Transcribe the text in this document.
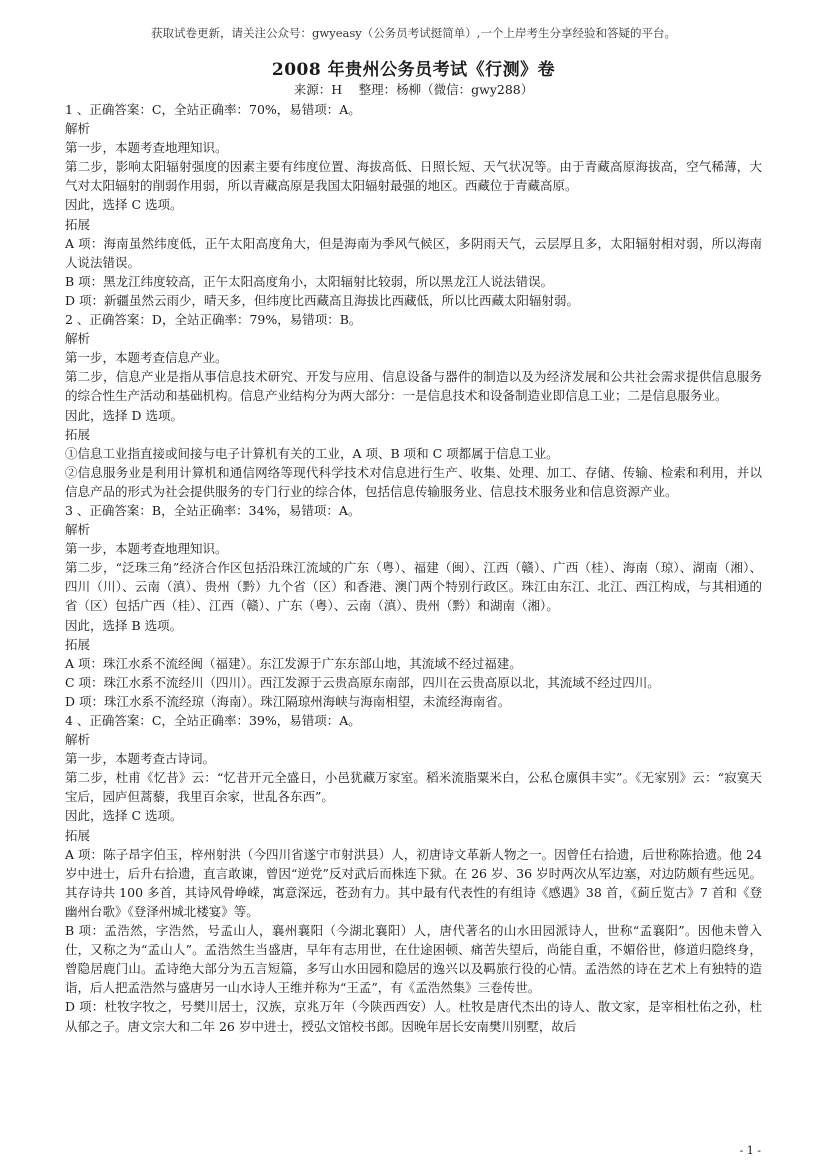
获取试卷更新，请关注公众号：gwyeasy（公务员考试挺简单）,一个上岸考生分享经验和答疑的平台。
2008 年贵州公务员考试《行测》卷
来源：H　 整理：杨柳（微信：gwy288）

1 、正确答案：C，全站正确率：70%，易错项：A。

解析

第一步，本题考查地理知识。

第二步，影响太阳辐射强度的因素主要有纬度位置、海拔高低、日照长短、天气状况等。由于青藏高原海拔高，空气稀薄，大气对太阳辐射的削弱作用弱，所以青藏高原是我国太阳辐射最强的地区。西藏位于青藏高原。

因此，选择 C 选项。

拓展

A 项：海南虽然纬度低，正午太阳高度角大，但是海南为季风气候区，多阴雨天气，云层厚且多，太阳辐射相对弱，所以海南人说法错误。

B 项：黑龙江纬度较高，正午太阳高度角小，太阳辐射比较弱，所以黑龙江人说法错误。

D 项：新疆虽然云雨少，晴天多，但纬度比西藏高且海拔比西藏低，所以比西藏太阳辐射弱。

2 、正确答案：D，全站正确率：79%，易错项：B。

解析

第一步，本题考查信息产业。

第二步，信息产业是指从事信息技术研究、开发与应用、信息设备与器件的制造以及为经济发展和公共社会需求提供信息服务的综合性生产活动和基础机构。信息产业结构分为两大部分：一是信息技术和设备制造业即信息工业；二是信息服务业。

因此，选择 D 选项。

拓展

①信息工业指直接或间接与电子计算机有关的工业，A 项、B 项和 C 项都属于信息工业。

②信息服务业是利用计算机和通信网络等现代科学技术对信息进行生产、收集、处理、加工、存储、传输、检索和利用，并以信息产品的形式为社会提供服务的专门行业的综合体，包括信息传输服务业、信息技术服务业和信息资源产业。

3 、正确答案：B，全站正确率：34%，易错项：A。

解析

第一步，本题考查地理知识。

第二步，“泛珠三角”经济合作区包括沿珠江流域的广东（粤）、福建（闽）、江西（赣）、广西（桂）、海南（琼）、湖南（湘）、四川（川）、云南（滇）、贵州（黔）九个省（区）和香港、澳门两个特别行政区。珠江由东江、北江、西江构成，与其相通的省（区）包括广西（桂）、江西（赣）、广东（粤）、云南（滇）、贵州（黔）和湖南（湘）。

因此，选择 B 选项。

拓展

A 项：珠江水系不流经闽（福建）。东江发源于广东东部山地，其流域不经过福建。

C 项：珠江水系不流经川（四川）。西江发源于云贵高原东南部，四川在云贵高原以北，其流域不经过四川。

D 项：珠江水系不流经琼（海南）。珠江隔琼州海峡与海南相望，未流经海南省。

4 、正确答案：C，全站正确率：39%，易错项：A。

解析

第一步，本题考查古诗词。

第二步，杜甫《忆昔》云：“忆昔开元全盛日，小邑犹藏万家室。稻米流脂粟米白，公私仓廪俱丰实”。《无家别》云：“寂寞天宝后，园庐但蒿藜，我里百余家，世乱各东西”。

因此，选择 C 选项。

拓展

A 项：陈子昂字伯玉，梓州射洪（今四川省遂宁市射洪县）人，初唐诗文革新人物之一。因曾任右拾遗，后世称陈拾遗。他 24 岁中进士，后升右拾遗，直言敢谏，曾因“逆党”反对武后而株连下狱。在 26 岁、36 岁时两次从军边塞，对边防颇有些远见。其存诗共 100 多首，其诗风骨峥嵘，寓意深远，苍劲有力。其中最有代表性的有组诗《感遇》38 首，《蓟丘览古》7 首和《登幽州台歌》《登泽州城北楼宴》等。

B 项：孟浩然，字浩然，号孟山人，襄州襄阳（今湖北襄阳）人，唐代著名的山水田园派诗人，世称“孟襄阳”。因他未曾入仕，又称之为“孟山人”。孟浩然生当盛唐，早年有志用世，在仕途困顿、痛苦失望后，尚能自重，不媚俗世，修道归隐终身，曾隐居鹿门山。孟诗绝大部分为五言短篇，多写山水田园和隐居的逸兴以及羁旅行役的心情。孟浩然的诗在艺术上有独特的造诣，后人把孟浩然与盛唐另一山水诗人王维并称为“王孟”，有《孟浩然集》三卷传世。

D 项：杜牧字牧之，号樊川居士，汉族，京兆万年（今陕西西安）人。杜牧是唐代杰出的诗人、散文家，是宰相杜佑之孙，杜从郁之子。唐文宗大和二年 26 岁中进士，授弘文馆校书郎。因晚年居长安南樊川别墅，故后

- 1 -
